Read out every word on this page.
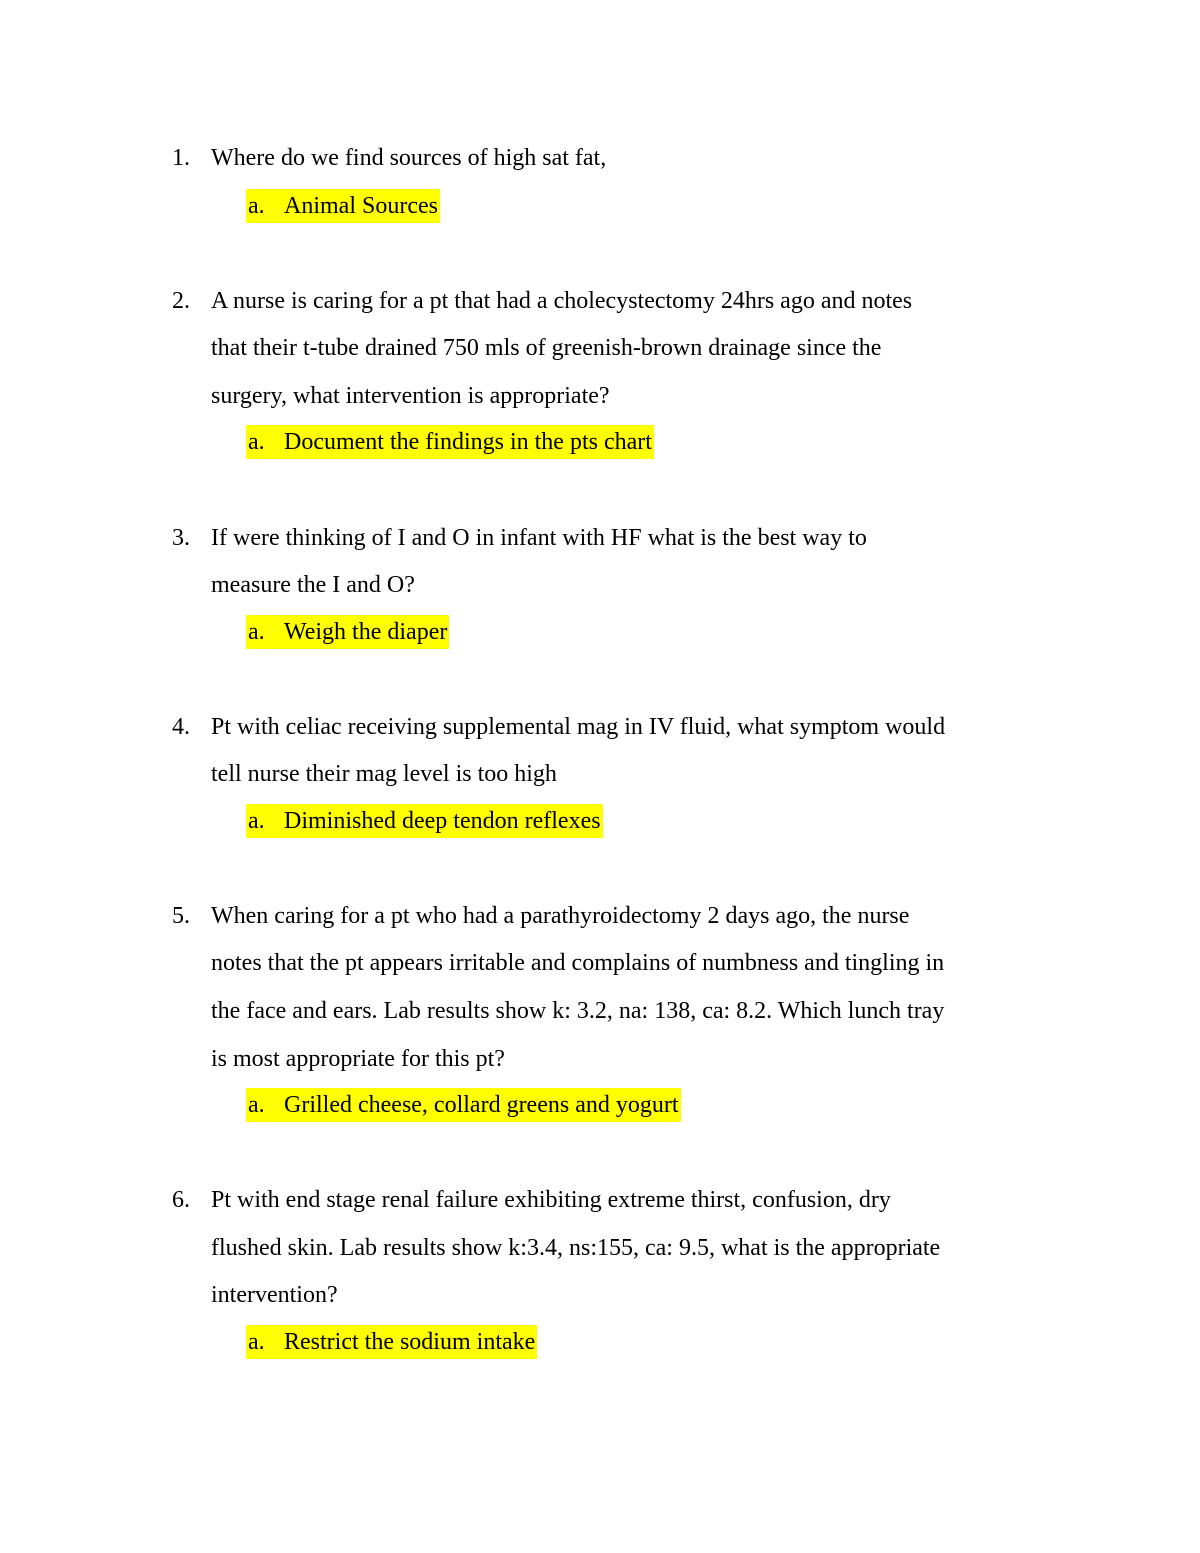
1. Where do we find sources of high sat fat,
a. Animal Sources
2. A nurse is caring for a pt that had a cholecystectomy 24hrs ago and notes
that their t-tube drained 750 mls of greenish-brown drainage since the
surgery, what intervention is appropriate?
a. Document the findings in the pts chart
3. If were thinking of I and O in infant with HF what is the best way to
measure the I and O?
a. Weigh the diaper
4. Pt with celiac receiving supplemental mag in IV fluid, what symptom would
tell nurse their mag level is too high
a. Diminished deep tendon reflexes
5. When caring for a pt who had a parathyroidectomy 2 days ago, the nurse
notes that the pt appears irritable and complains of numbness and tingling in
the face and ears. Lab results show k: 3.2, na: 138, ca: 8.2. Which lunch tray
is most appropriate for this pt?
a. Grilled cheese, collard greens and yogurt
6. Pt with end stage renal failure exhibiting extreme thirst, confusion, dry
flushed skin. Lab results show k:3.4, ns:155, ca: 9.5, what is the appropriate
intervention?
a. Restrict the sodium intake
